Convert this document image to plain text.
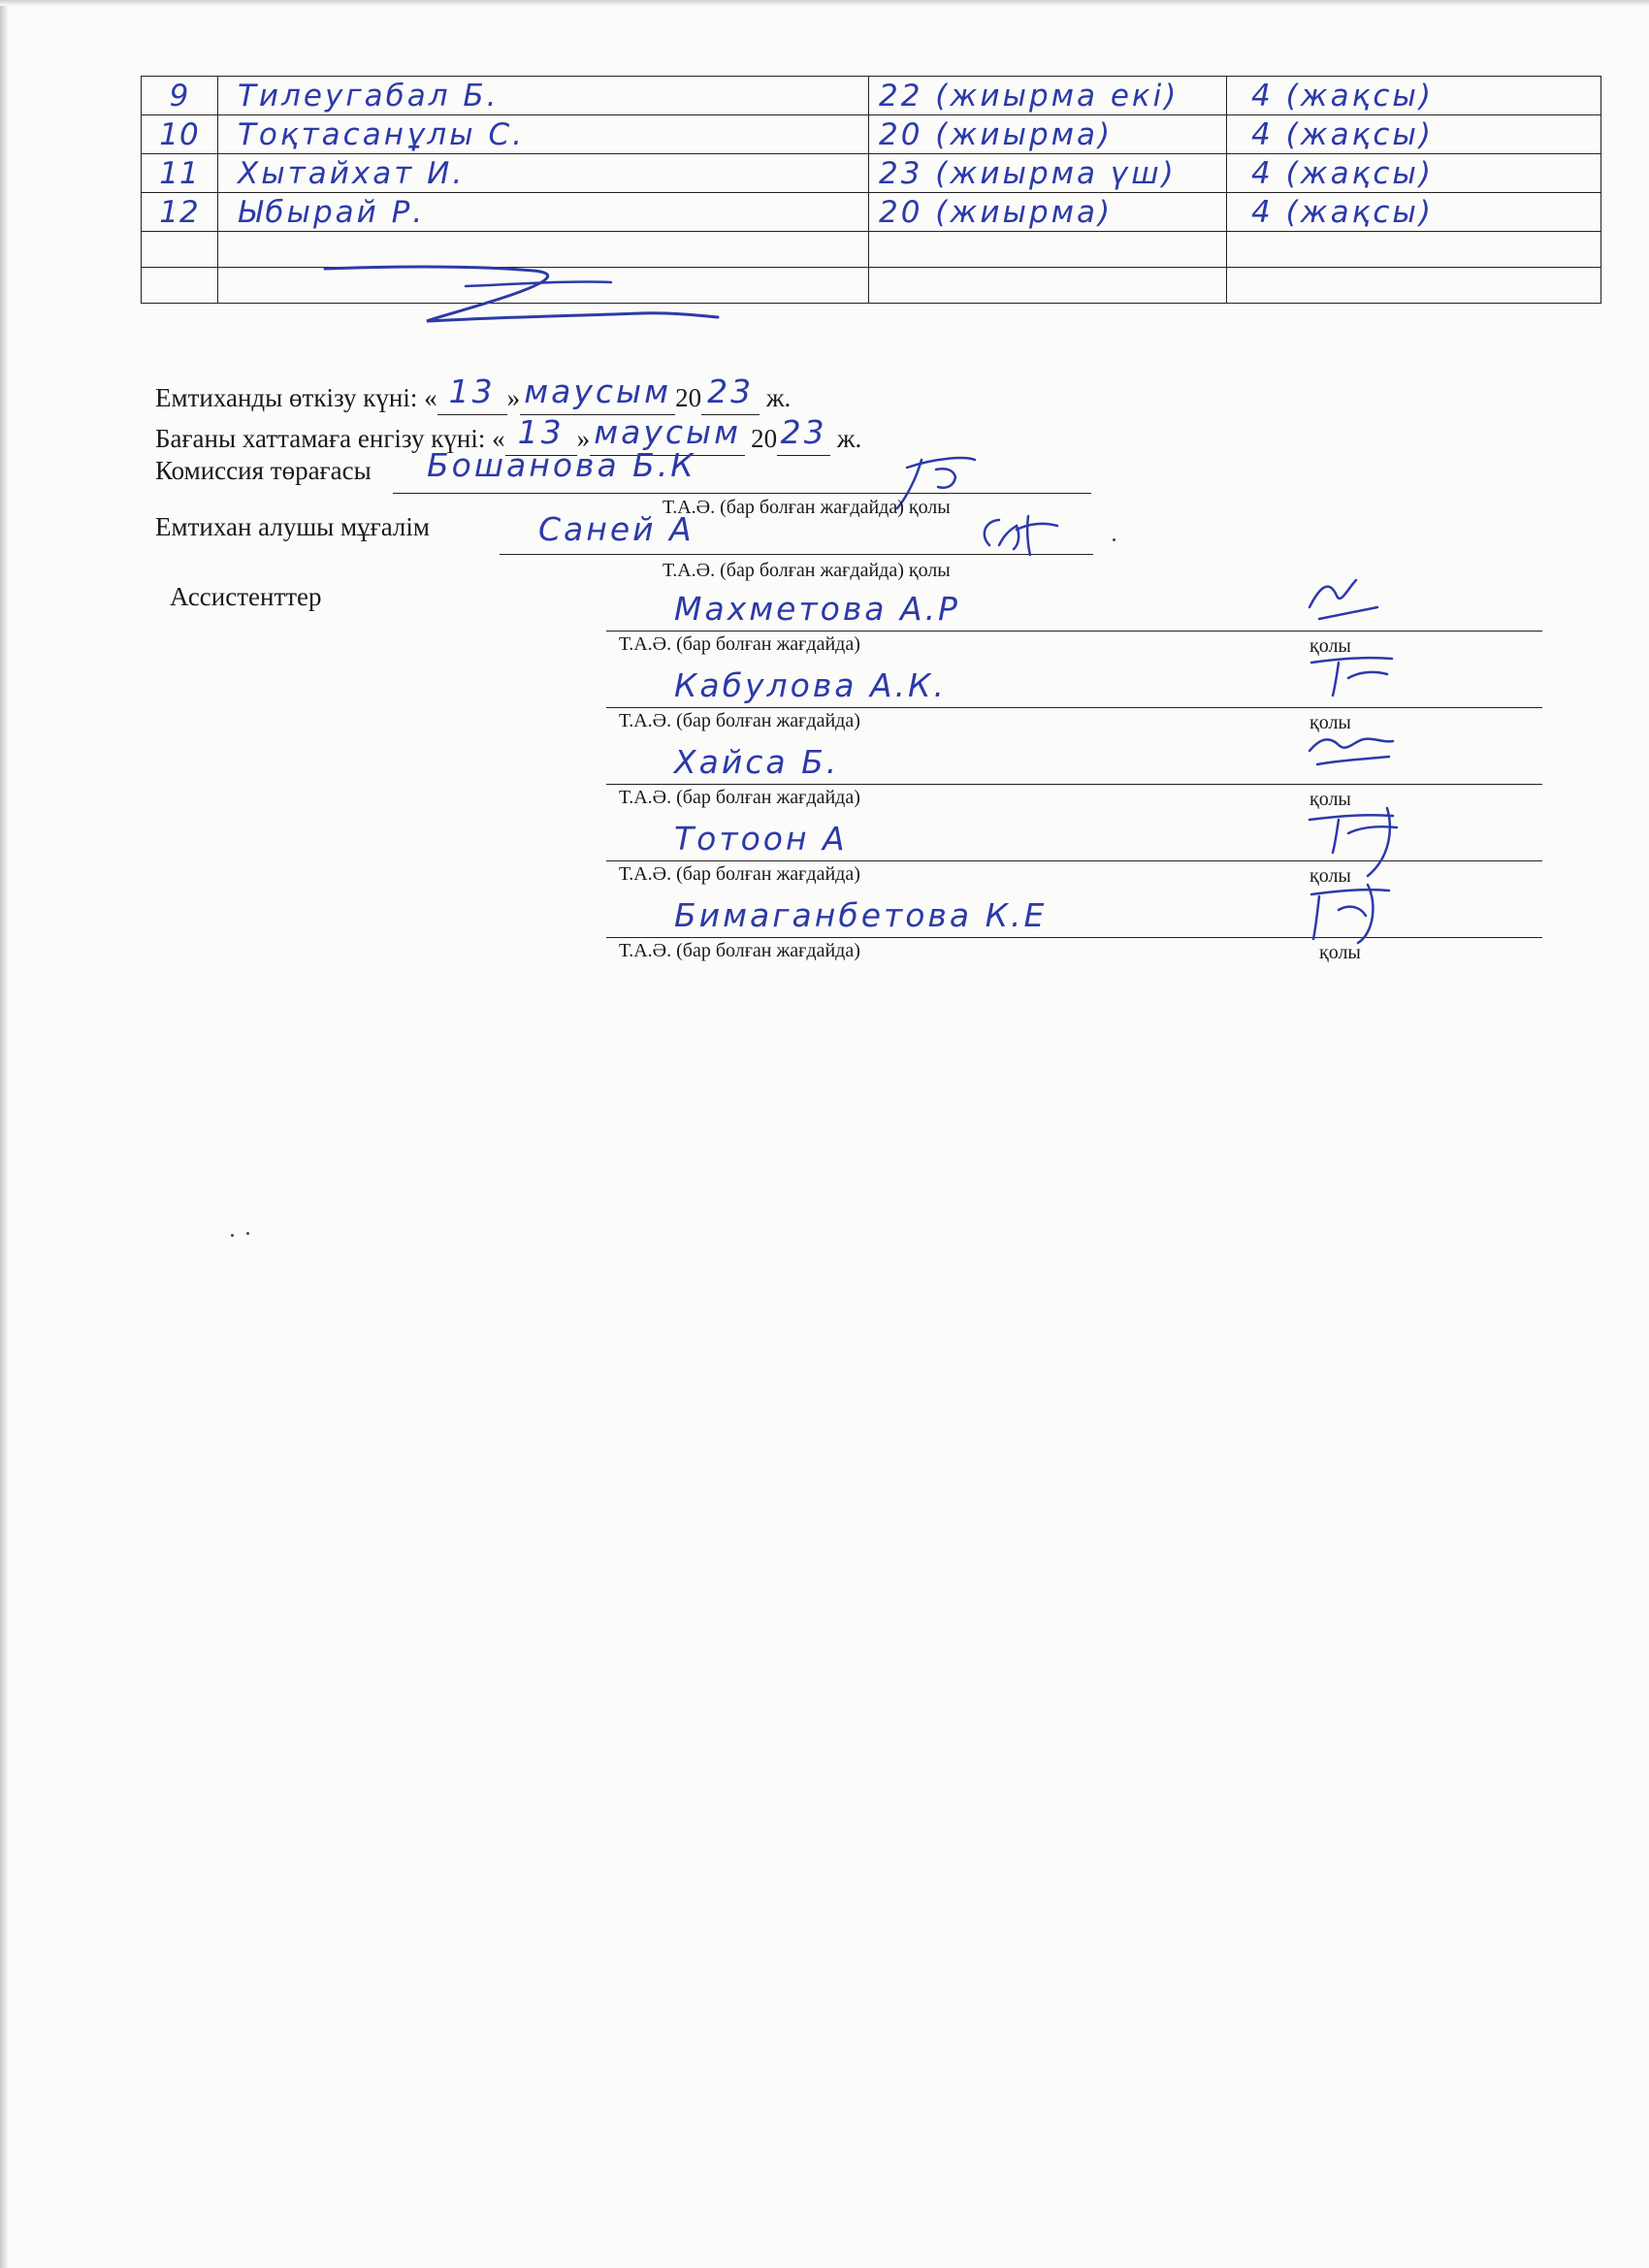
9	Тилеугабал Б.	22 (жиырма екі)	4 (жақсы)
10	Тоқтасанұлы С.	20 (жиырма)	4 (жақсы)
11	Хытайхат И.	23 (жиырма үш)	4 (жақсы)
12	Ыбырай Р.	20 (жиырма)	4 (жақсы)

Емтиханды өткізу күні: « 13 » маусым 20 23 ж.
Бағаны хаттамаға енгізу күні: « 13 » маусым 20 23 ж.
Комиссия төрағасы Бошанова Б.К
Т.А.Ә. (бар болған жағдайда) қолы
Емтихан алушы мұғалім	Саней А
Т.А.Ә. (бар болған жағдайда) қолы
Ассистенттер	Махметова А.Р
Т.А.Ә. (бар болған жағдайда)	қолы
Кабулова А.К.
Т.А.Ә. (бар болған жағдайда)	қолы
Хайса Б.
Т.А.Ә. (бар болған жағдайда)	қолы
Тотоон А
Т.А.Ә. (бар болған жағдайда)	қолы
Бимаганбетова К.Е
Т.А.Ә. (бар болған жағдайда)	қолы
